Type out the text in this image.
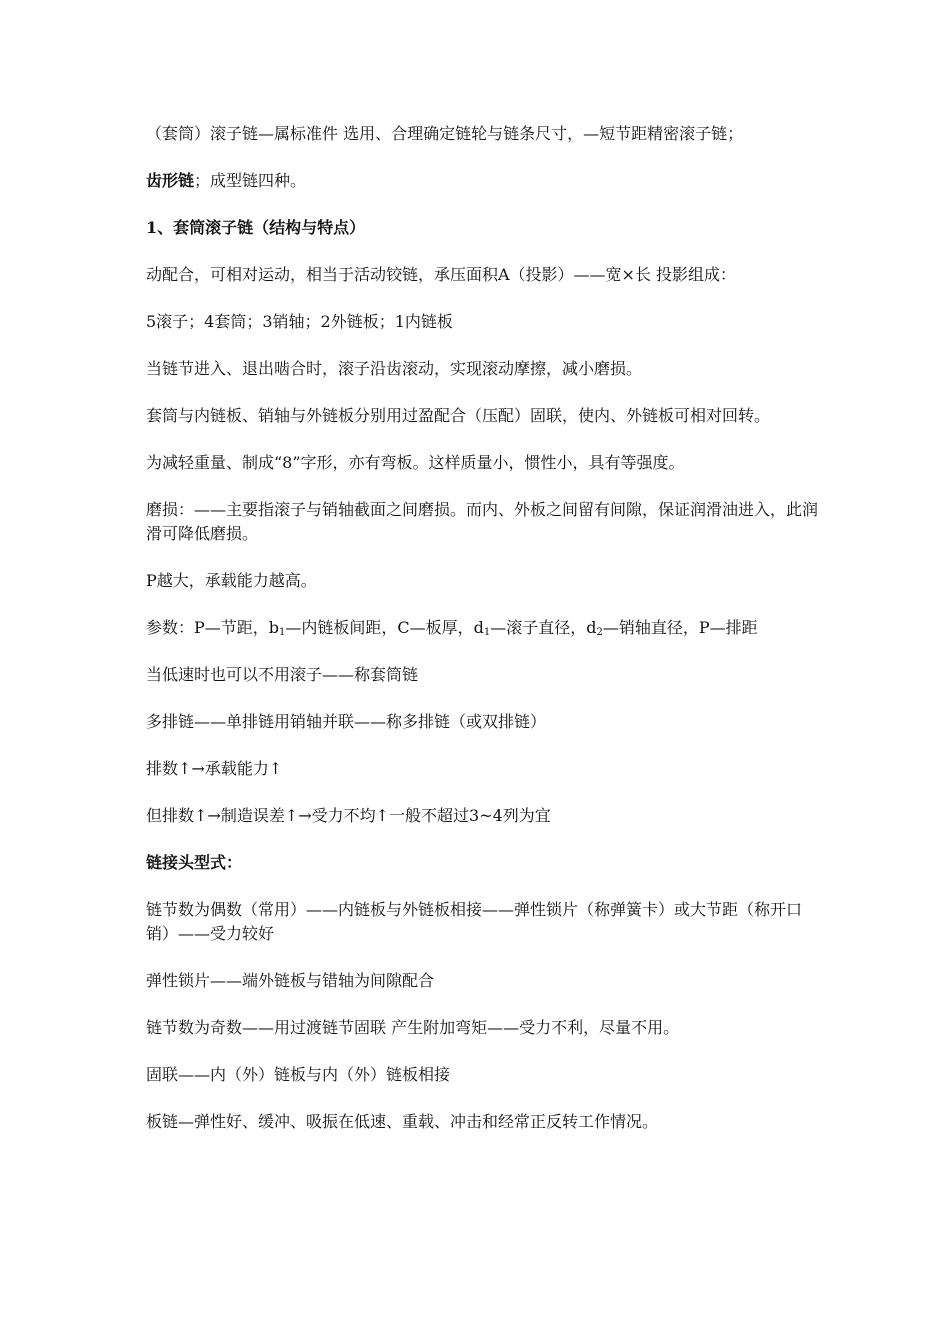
（套筒）滚子链—属标准件 选用、合理确定链轮与链条尺寸，—短节距精密滚子链；

齿形链；成型链四种。

1、套筒滚子链（结构与特点）

动配合，可相对运动，相当于活动铰链，承压面积A（投影）——宽×长 投影组成：

5滚子；4套筒；3销轴；2外链板；1内链板

当链节进入、退出啮合时，滚子沿齿滚动，实现滚动摩擦，减小磨损。

套筒与内链板、销轴与外链板分别用过盈配合（压配）固联，使内、外链板可相对回转。

为减轻重量、制成“8”字形，亦有弯板。这样质量小，惯性小，具有等强度。

磨损：——主要指滚子与销轴截面之间磨损。而内、外板之间留有间隙，保证润滑油进入，此润滑可降低磨损。

P越大，承载能力越高。

参数：P—节距，$b_1—$内链板间距，C—板厚，$d_1—$滚子直径，$d_2—$销轴直径，P—排距

当低速时也可以不用滚子——称套筒链

多排链——单排链用销轴并联——称多排链（或双排链）

排数↑→承载能力↑

但排数↑→制造误差↑→受力不均↑一般不超过3~4列为宜

链接头型式：

链节数为偶数（常用）——内链板与外链板相接——弹性锁片（称弹簧卡）或大节距（称开口销）——受力较好

弹性锁片——端外链板与错轴为间隙配合

链节数为奇数——用过渡链节固联 产生附加弯矩——受力不利，尽量不用。

固联——内（外）链板与内（外）链板相接

板链—弹性好、缓冲、吸振在低速、重载、冲击和经常正反转工作情况。
